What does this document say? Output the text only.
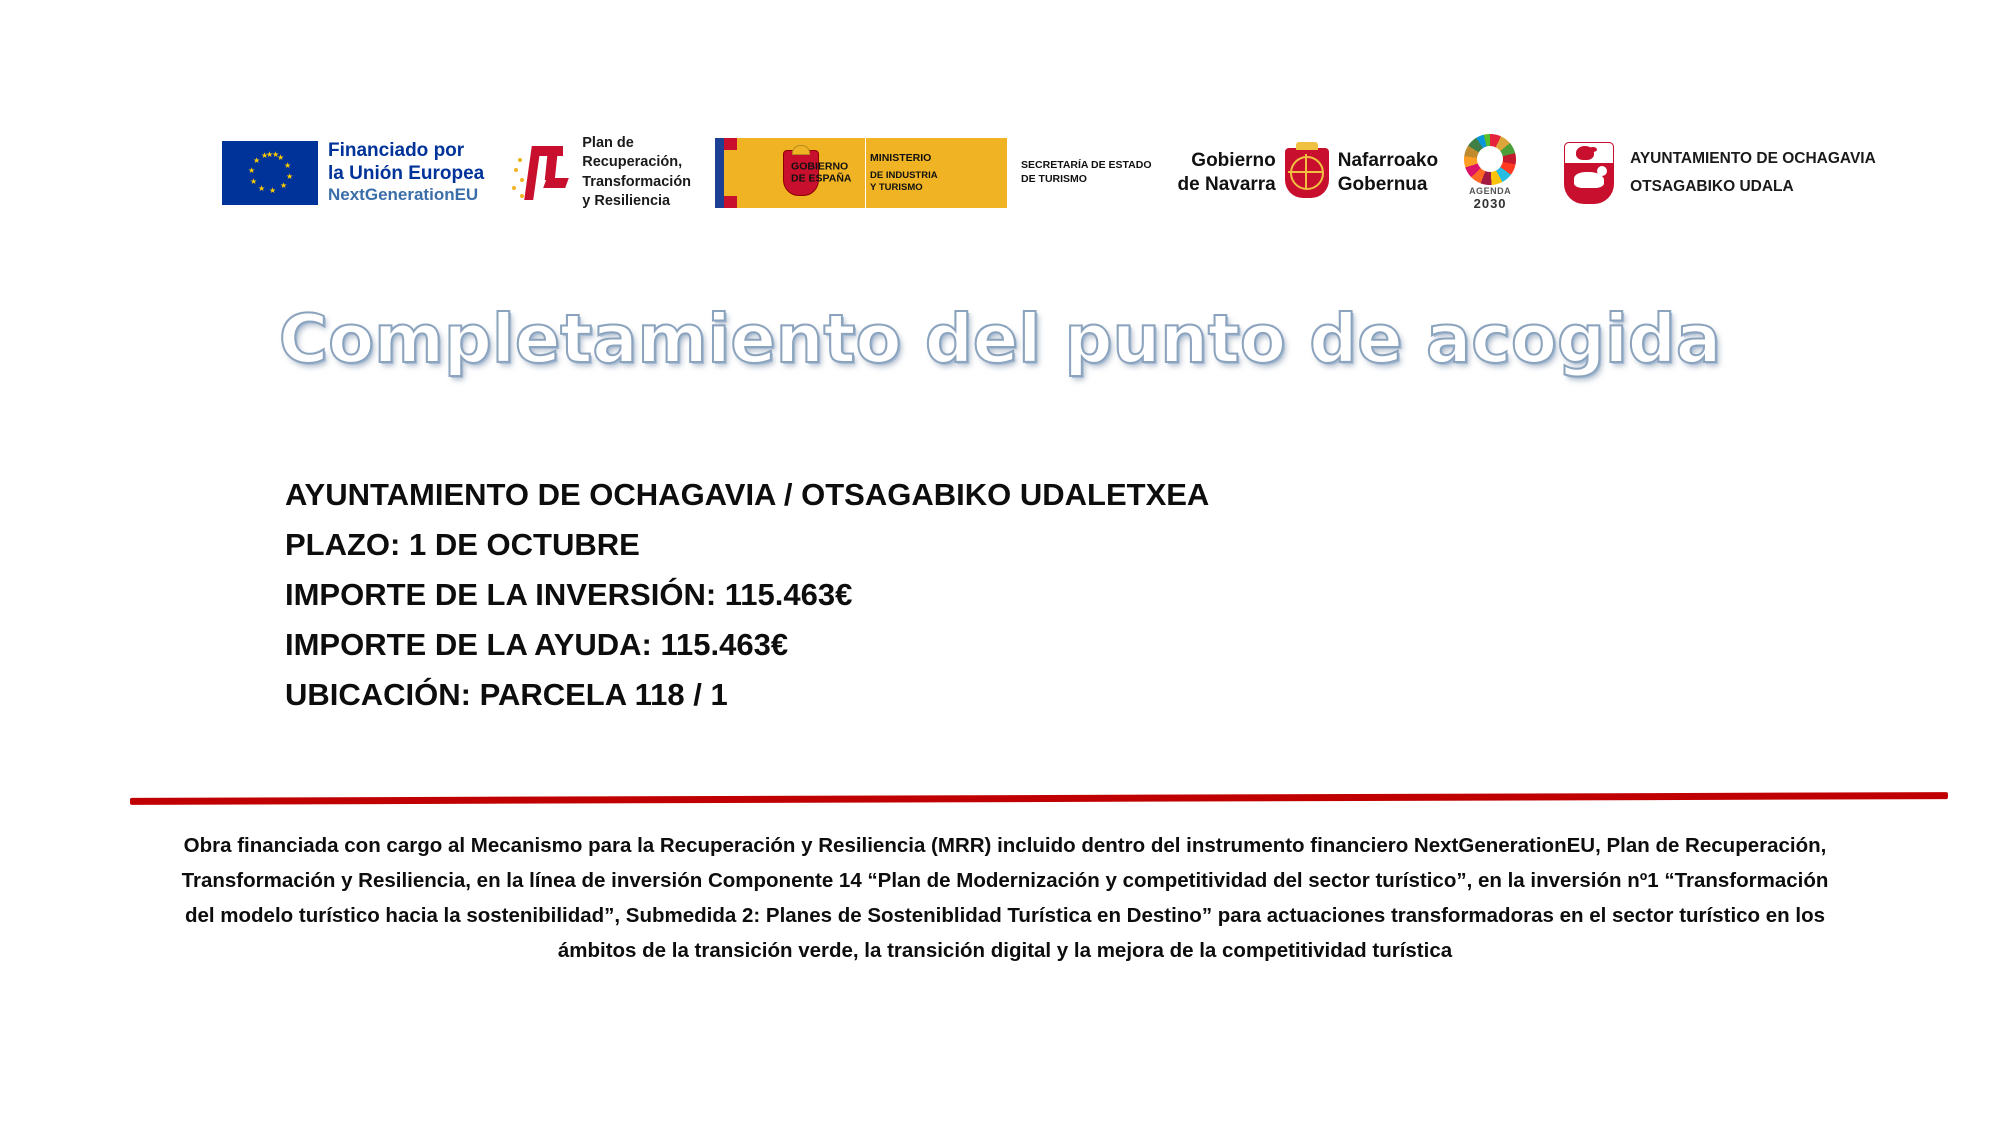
★ ★
★
★
★
★
★
★
★
★
★ ★	Financiado por
la Unión Europea
NextGenerationEU
Plan de
Recuperación,
Transformación
y Resiliencia
GOBIERNO
DE ESPAÑA
MINISTERIO
DE INDUSTRIA
Y TURISMO
SECRETARÍA DE ESTADO
DE TURISMO
Gobierno
de Navarra
Nafarroako
Gobernua	AGENDA
2030
AYUNTAMIENTO DE OCHAGAVIA
OTSAGABIKO UDALA
Completamiento del punto de acogida
AYUNTAMIENTO DE OCHAGAVIA / OTSAGABIKO UDALETXEA
PLAZO: 1 DE OCTUBRE
IMPORTE DE LA INVERSIÓN: 115.463€
IMPORTE DE LA AYUDA: 115.463€
UBICACIÓN: PARCELA 118 / 1
Obra financiada con cargo al Mecanismo para la Recuperación y Resiliencia (MRR) incluido dentro del instrumento financiero NextGenerationEU, Plan de Recuperación, Transformación y Resiliencia, en la línea de inversión Componente 14 “Plan de Modernización y competitividad del sector turístico”, en la inversión nº1 “Transformación del modelo turístico hacia la sostenibilidad”, Submedida 2: Planes de Sosteniblidad Turística en Destino” para actuaciones transformadoras en el sector turístico en los ámbitos de la transición verde, la transición digital y la mejora de la competitividad turística
